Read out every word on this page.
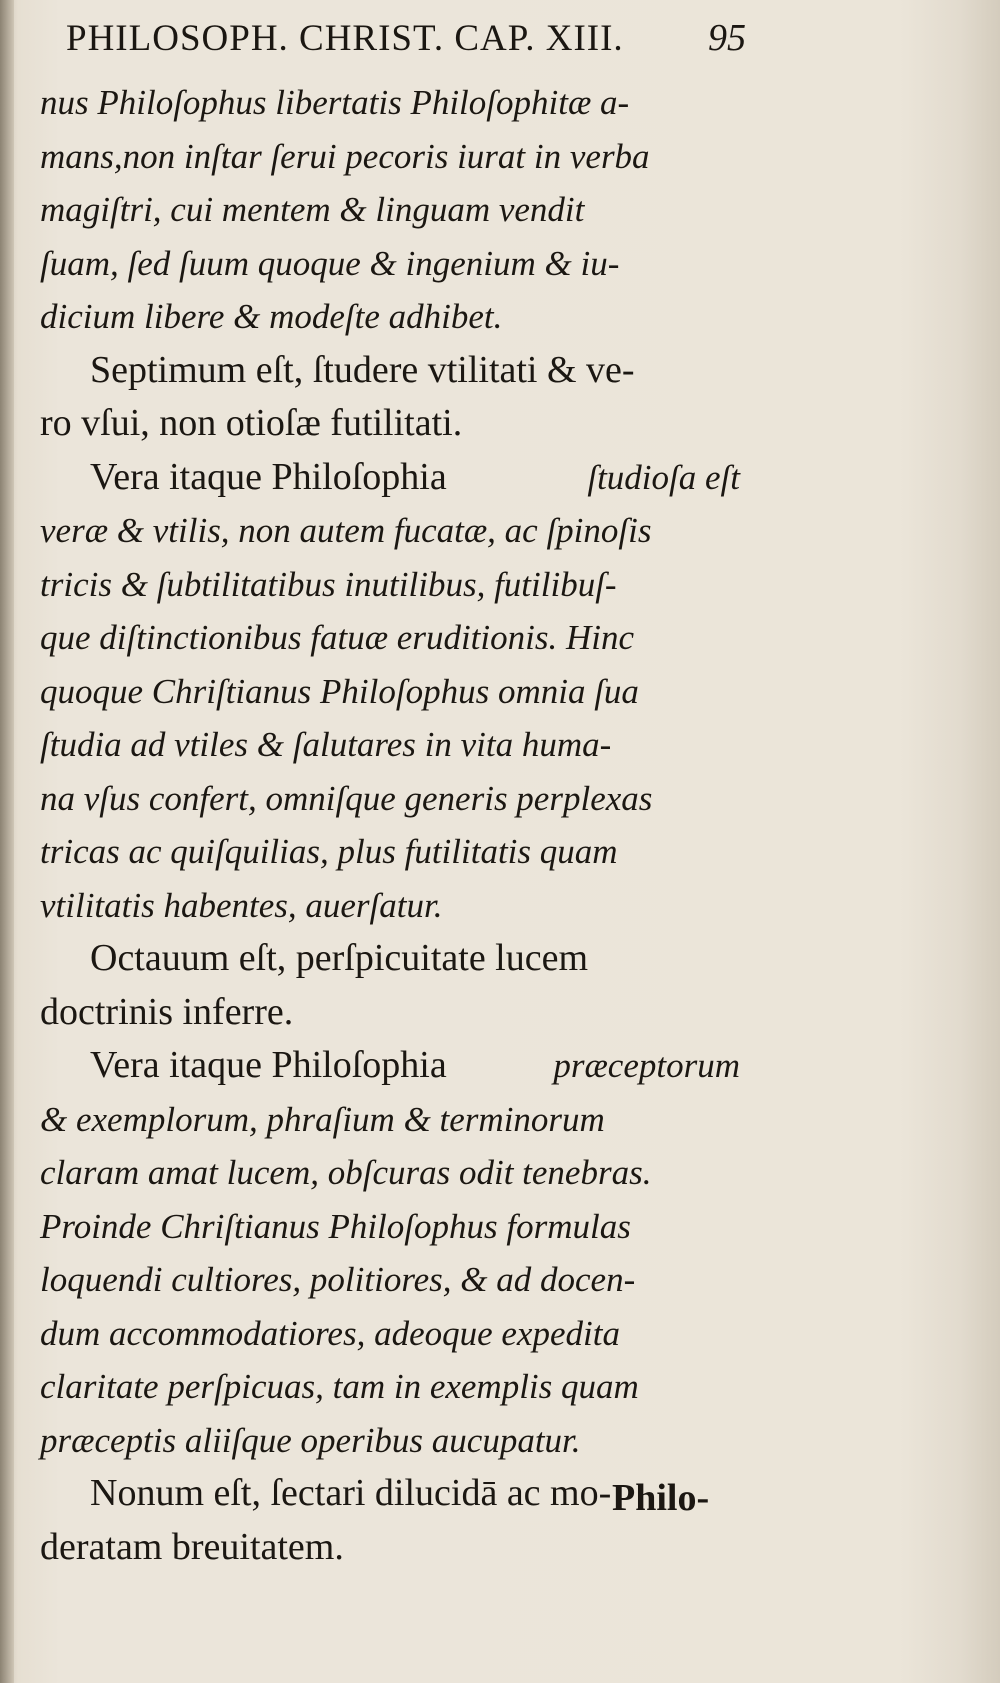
PHILOSOPH. CHRIST. CAP. XIII. 95
nus Philoſophus libertatis Philoſophitæ a-
mans,non inſtar ſerui pecoris iurat in verba
magiſtri, cui mentem & linguam vendit
ſuam, ſed ſuum quoque & ingenium & iu-
dicium libere & modeſte adhibet.
Septimum eſt, ſtudere vtilitati & ve-
ro vſui, non otioſæ futilitati.
Vera itaque Philoſophia	ſtudioſa eſt
veræ & vtilis, non autem fucatæ, ac ſpinoſis
tricis & ſubtilitatibus inutilibus, futilibuſ-
que diſtinctionibus fatuæ eruditionis. Hinc
quoque Chriſtianus Philoſophus omnia ſua
ſtudia ad vtiles & ſalutares in vita huma-
na vſus confert, omniſque generis perplexas
tricas ac quiſquilias, plus futilitatis quam
vtilitatis habentes, auerſatur.
Octauum eſt, perſpicuitate lucem
doctrinis inferre.
Vera itaque Philoſophia	præceptorum
& exemplorum, phraſium & terminorum
claram amat lucem, obſcuras odit tenebras.
Proinde Chriſtianus Philoſophus formulas
loquendi cultiores, politiores, & ad docen-
dum accommodatiores, adeoque expedita
claritate perſpicuas, tam in exemplis quam
præceptis aliiſque operibus aucupatur.
Nonum eſt, ſectari dilucidā ac mo-
deratam breuitatem.
Philo-
